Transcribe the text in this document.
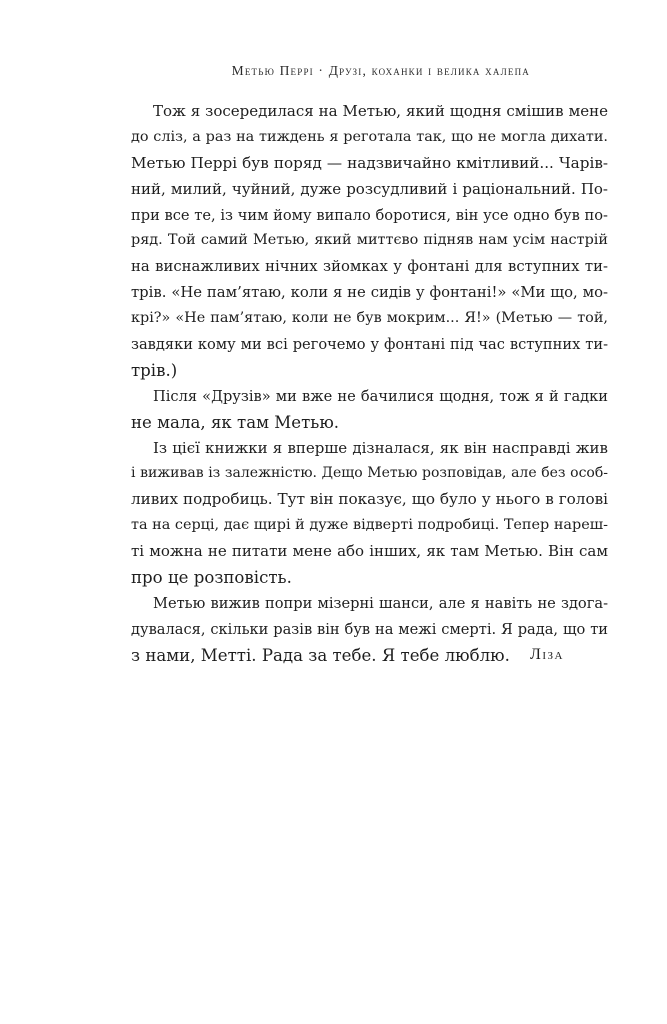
Метью Перрі · Друзі, коханки і велика халепа
Тож я зосередилася на Метью, який щодня смішив мене
до сліз, а раз на тиждень я реготала так, що не могла дихати.
Метью Перрі був поряд — надзвичайно кмітливий... Чарів-
ний, милий, чуйний, дуже розсудливий і раціональний. По-
при все те, із чим йому випало боротися, він усе одно був по-
ряд. Той самий Метью, який миттєво підняв нам усім настрій
на виснажливих нічних зйомках у фонтані для вступних ти-
трів. «Не пам’ятаю, коли я не сидів у фонтані!» «Ми що, мо-
крі?» «Не пам’ятаю, коли не був мокрим... Я!» (Метью — той,
завдяки кому ми всі регочемо у фонтані під час вступних ти-
трів.)
Після «Друзів» ми вже не бачилися щодня, тож я й гадки
не мала, як там Метью.
Із цієї книжки я вперше дізналася, як він насправді жив
і виживав із залежністю. Дещо Метью розповідав, але без особ-
ливих подробиць. Тут він показує, що було у нього в голові
та на серці, дає щирі й дуже відверті подробиці. Тепер нареш-
ті можна не питати мене або інших, як там Метью. Він сам
про це розповість.
Метью вижив попри мізерні шанси, але я навіть не здога-
дувалася, скільки разів він був на межі смерті. Я рада, що ти
з нами, Метті. Рада за тебе. Я тебе люблю.	Ліза
